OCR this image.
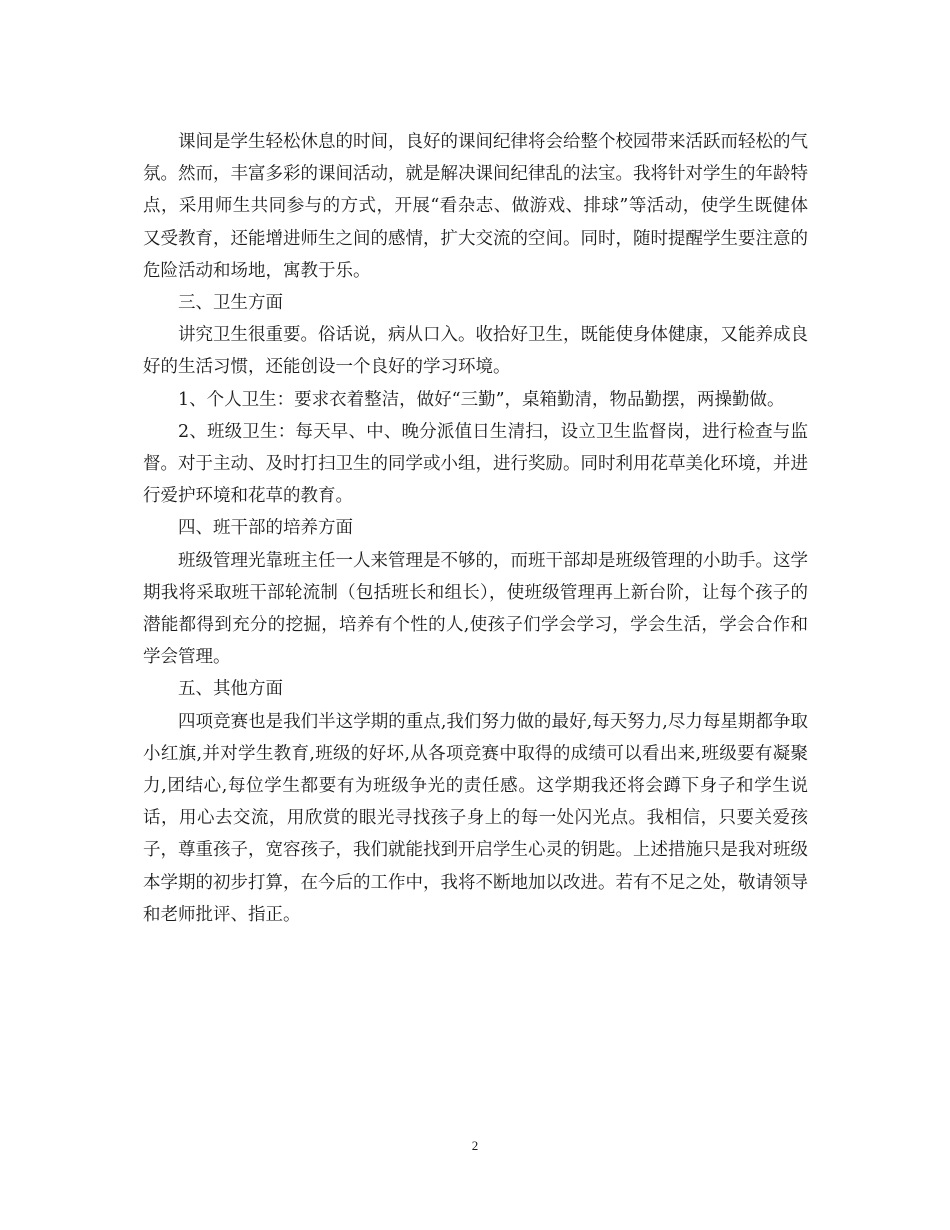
课间是学生轻松休息的时间，良好的课间纪律将会给整个校园带来活跃而轻松的气氛。然而，丰富多彩的课间活动，就是解决课间纪律乱的法宝。我将针对学生的年龄特点，采用师生共同参与的方式，开展“看杂志、做游戏、排球”等活动，使学生既健体又受教育，还能增进师生之间的感情，扩大交流的空间。同时，随时提醒学生要注意的危险活动和场地，寓教于乐。

三、卫生方面

讲究卫生很重要。俗话说，病从口入。收拾好卫生，既能使身体健康，又能养成良好的生活习惯，还能创设一个良好的学习环境。

1、个人卫生：要求衣着整洁，做好“三勤”，桌箱勤清，物品勤摆，两操勤做。

2、班级卫生：每天早、中、晚分派值日生清扫，设立卫生监督岗，进行检查与监督。对于主动、及时打扫卫生的同学或小组，进行奖励。同时利用花草美化环境，并进行爱护环境和花草的教育。

四、班干部的培养方面

班级管理光靠班主任一人来管理是不够的，而班干部却是班级管理的小助手。这学期我将采取班干部轮流制（包括班长和组长），使班级管理再上新台阶，让每个孩子的潜能都得到充分的挖掘，培养有个性的人,使孩子们学会学习，学会生活，学会合作和学会管理。

五、其他方面

四项竞赛也是我们半这学期的重点,我们努力做的最好,每天努力,尽力每星期都争取小红旗,并对学生教育,班级的好坏,从各项竞赛中取得的成绩可以看出来,班级要有凝聚力,团结心,每位学生都要有为班级争光的责任感。这学期我还将会蹲下身子和学生说话，用心去交流，用欣赏的眼光寻找孩子身上的每一处闪光点。我相信，只要关爱孩子，尊重孩子，宽容孩子，我们就能找到开启学生心灵的钥匙。上述措施只是我对班级本学期的初步打算，在今后的工作中，我将不断地加以改进。若有不足之处，敬请领导和老师批评、指正。

2
